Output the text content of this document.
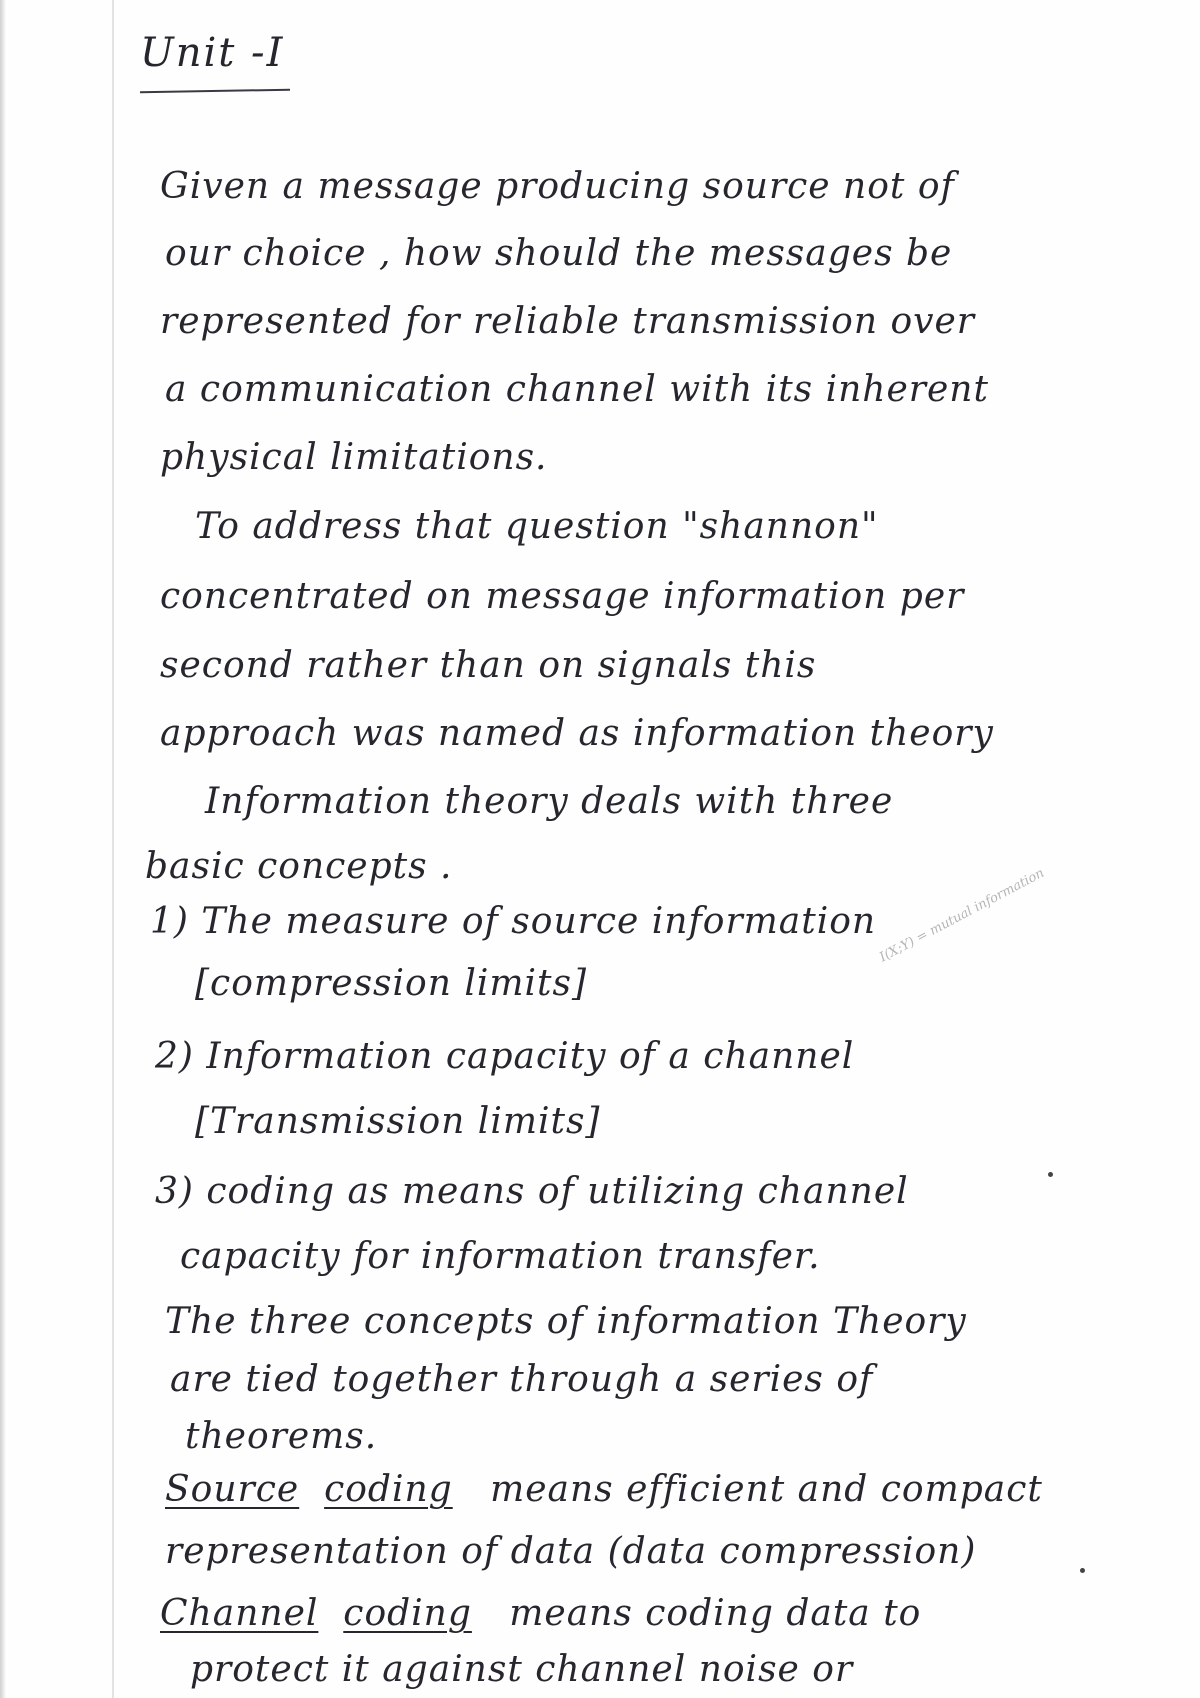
Unit -I
Given a message producing source not of
our choice , how should the messages be
represented for reliable transmission over
a communication channel with its inherent
physical limitations.
To address that question "shannon"
concentrated on message information per
second rather than on signals this
approach was named as information theory
Information theory deals with three
basic concepts .
1) The measure of source information
[compression limits]
2) Information capacity of a channel
[Transmission limits]
3) coding as means of utilizing channel
capacity for information transfer.
The three concepts of information Theory
are tied together through a series of
theorems.
Source coding means efficient and compact
representation of data (data compression)
Channel coding means coding data to
protect it against channel noise or
I(X;Y) = mutual information
